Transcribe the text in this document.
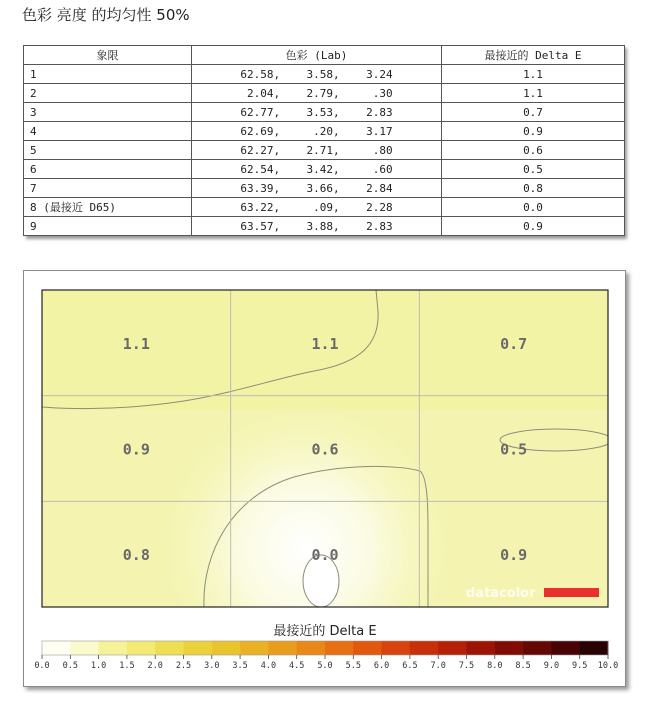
色彩 亮度 的均匀性 50%
象限	色彩 (Lab)	最接近的 Delta E
1	62.58,    3.58,    3.24	1.1
2	2.04,    2.79,     .30	1.1
3	62.77,    3.53,    2.83	0.7
4	62.69,     .20,    3.17	0.9
5	62.27,    2.71,     .80	0.6
6	62.54,    3.42,     .60	0.5
7	63.39,    3.66,    2.84	0.8
8 (最接近 D65)	63.22,     .09,    2.28	0.0
9	63.57,    3.88,    2.83	0.9
1.1	1.1	0.7
0.9	0.6	0.5
0.8	0.0	0.9
datacolor
最接近的 Delta E
0.0 0.5 1.0 1.5 2.0 2.5 3.0 3.5 4.0 4.5 5.0 5.5 6.0 6.5 7.0 7.5 8.0 8.5 9.0 9.5 10.0
